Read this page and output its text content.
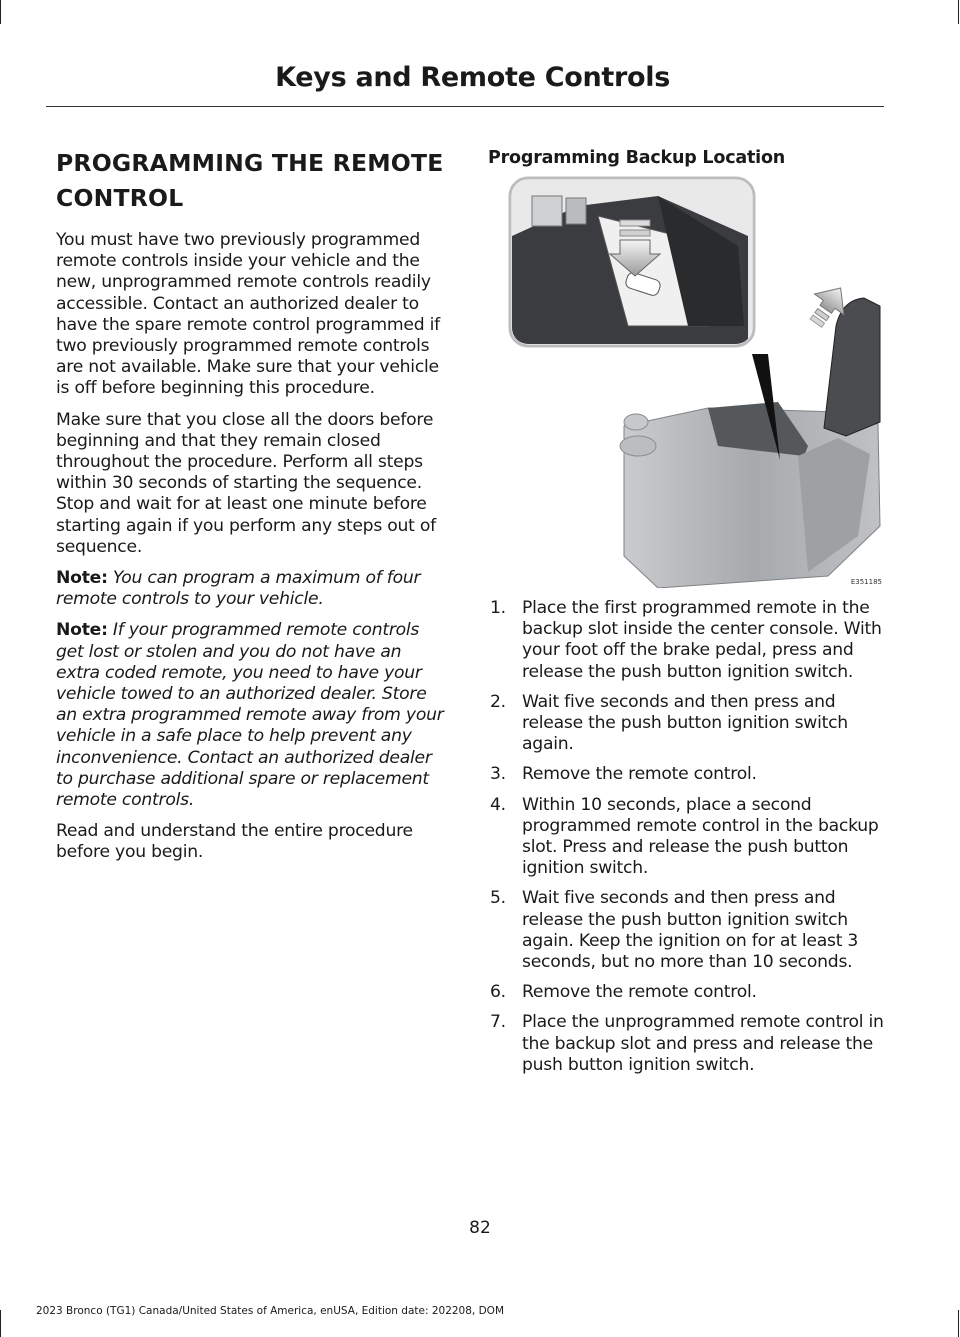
Keys and Remote Controls
PROGRAMMING THE REMOTE CONTROL

You must have two previously programmed remote controls inside your vehicle and the new, unprogrammed remote controls readily accessible. Contact an authorized dealer to have the spare remote control programmed if two previously programmed remote controls are not available. Make sure that your vehicle is off before beginning this procedure.

Make sure that you close all the doors before beginning and that they remain closed throughout the procedure. Perform all steps within 30 seconds of starting the sequence. Stop and wait for at least one minute before starting again if you perform any steps out of sequence.

Note: You can program a maximum of four remote controls to your vehicle.

Note: If your programmed remote controls get lost or stolen and you do not have an extra coded remote, you need to have your vehicle towed to an authorized dealer. Store an extra programmed remote away from your vehicle in a safe place to help prevent any inconvenience. Contact an authorized dealer to purchase additional spare or replacement remote controls.

Read and understand the entire procedure before you begin.

Programming Backup Location
E351185
1. Place the first programmed remote in the backup slot inside the center console. With your foot off the brake pedal, press and release the push button ignition switch.
2. Wait five seconds and then press and release the push button ignition switch again.
3. Remove the remote control.
4. Within 10 seconds, place a second programmed remote control in the backup slot. Press and release the push button ignition switch.
5. Wait five seconds and then press and release the push button ignition switch again. Keep the ignition on for at least 3 seconds, but no more than 10 seconds.
6. Remove the remote control.
7. Place the unprogrammed remote control in the backup slot and press and release the push button ignition switch.
82
2023 Bronco (TG1) Canada/United States of America, enUSA, Edition date: 202208, DOM
